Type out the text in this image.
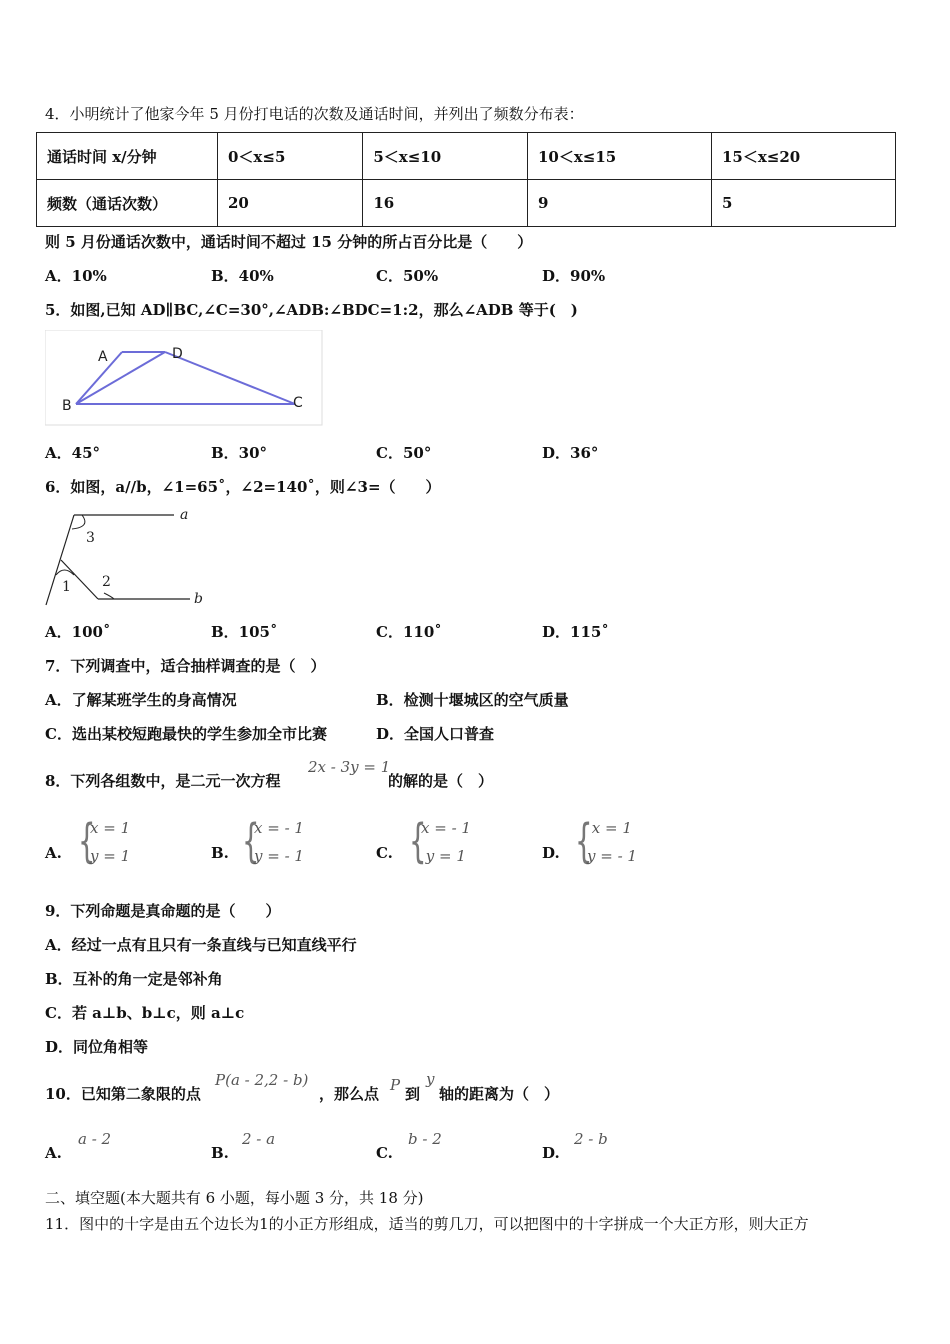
4．小明统计了他家今年 5 月份打电话的次数及通话时间，并列出了频数分布表：
通话时间 x/分钟	0＜x≤5	5＜x≤10	10＜x≤15	15＜x≤20
频数（通话次数）	20	16	9	5
则 5 月份通话次数中，通话时间不超过 15 分钟的所占百分比是（　　）
A．10%	B．40%	C．50%	D．90%
5．如图,已知 AD∥BC,∠C=30°,∠ADB:∠BDC=1:2，那么∠ADB 等于(　)
A	D
B	C
A．45°	B．30°	C．50°	D．36°
6．如图，a//b，∠1=65˚，∠2=140˚，则∠3=（　　）
a
b
1 2
3
A．100˚	B．105˚	C．110˚	D．115˚
7．下列调查中，适合抽样调查的是（　）
A．了解某班学生的身高情况	B．检测十堰城区的空气质量
C．选出某校短跑最快的学生参加全市比赛	D．全国人口普查
8．下列各组数中，是二元一次方程
2x - 3y = 1
的解的是（　）
A. {
x = 1
y = 1	B. {
x = - 1
y = - 1	C. {
x = - 1
y = 1	D. {
x = 1
y = - 1
9．下列命题是真命题的是（　　）
A．经过一点有且只有一条直线与已知直线平行
B．互补的角一定是邻补角
C．若 a⊥b、b⊥c，则 a⊥c
D．同位角相等
10．已知第二象限的点
P(a - 2,2 - b)
，那么点 P 到
y
轴的距离为（　）
A.
a - 2
B.
2 - a
C.
b - 2
D.
2 - b
二、填空题(本大题共有 6 小题，每小题 3 分，共 18 分)
11．图中的十字是由五个边长为1的小正方形组成，适当的剪几刀，可以把图中的十字拼成一个大正方形，则大正方
